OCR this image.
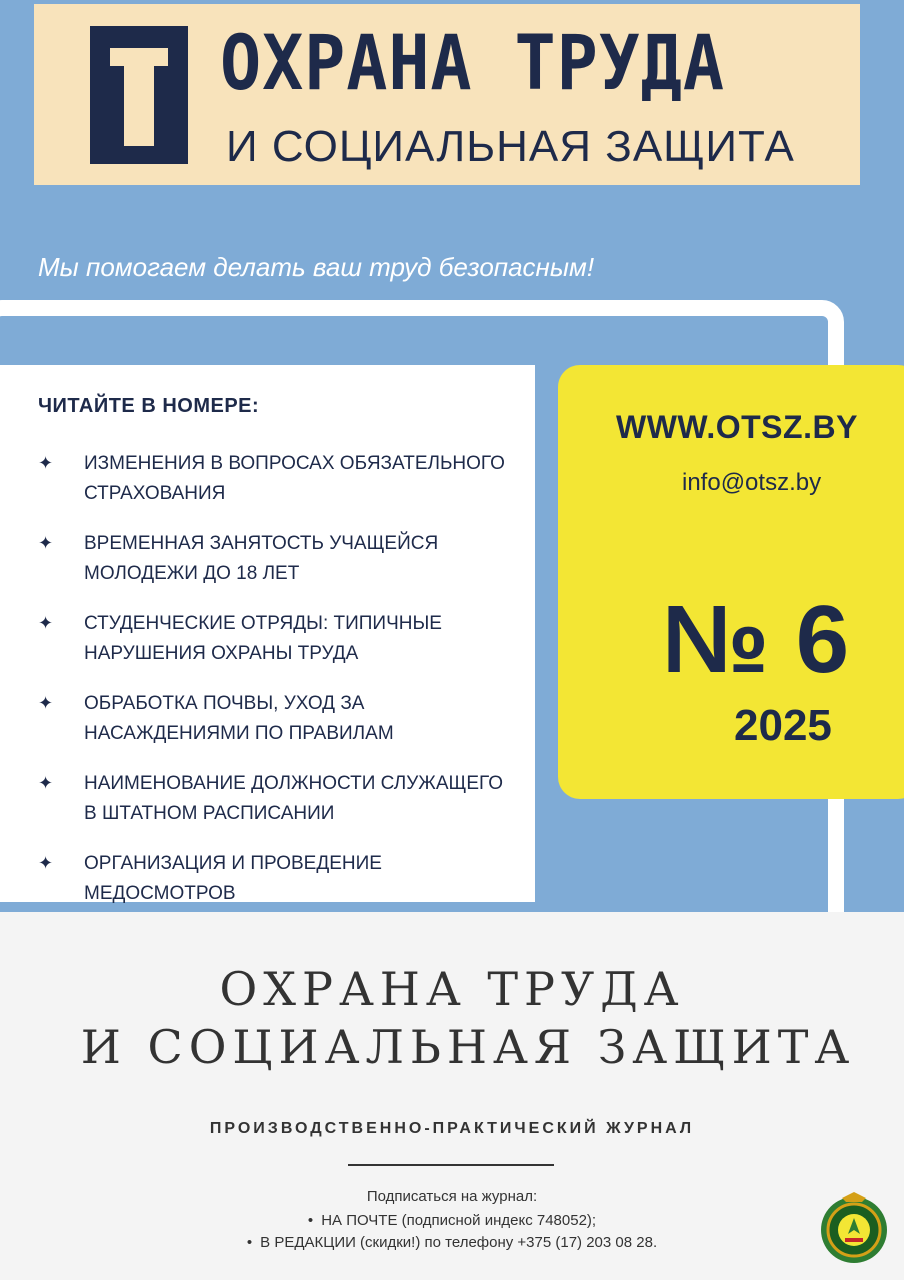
ОХРАНА ТРУДА
И СОЦИАЛЬНАЯ ЗАЩИТА
Мы помогаем делать ваш труд безопасным!
ЧИТАЙТЕ В НОМЕРЕ:
✦ ИЗМЕНЕНИЯ В ВОПРОСАХ ОБЯЗАТЕЛЬНОГО СТРАХОВАНИЯ
✦ ВРЕМЕННАЯ ЗАНЯТОСТЬ УЧАЩЕЙСЯ МОЛОДЕЖИ ДО 18 ЛЕТ
✦ СТУДЕНЧЕСКИЕ ОТРЯДЫ: ТИПИЧНЫЕ НАРУШЕНИЯ ОХРАНЫ ТРУДА
✦ ОБРАБОТКА ПОЧВЫ, УХОД ЗА НАСАЖДЕНИЯМИ ПО ПРАВИЛАМ
✦ НАИМЕНОВАНИЕ ДОЛЖНОСТИ СЛУЖАЩЕГО В ШТАТНОМ РАСПИСАНИИ
✦ ОРГАНИЗАЦИЯ И ПРОВЕДЕНИЕ МЕДОСМОТРОВ
WWW.OTSZ.BY
info@otsz.by
№ 6
2025
ОХРАНА ТРУДА
И СОЦИАЛЬНАЯ ЗАЩИТА
ПРОИЗВОДСТВЕННО-ПРАКТИЧЕСКИЙ ЖУРНАЛ
Подписаться на журнал:
• НА ПОЧТЕ (подписной индекс 748052);
• В РЕДАКЦИИ (скидки!) по телефону +375 (17) 203 08 28.
